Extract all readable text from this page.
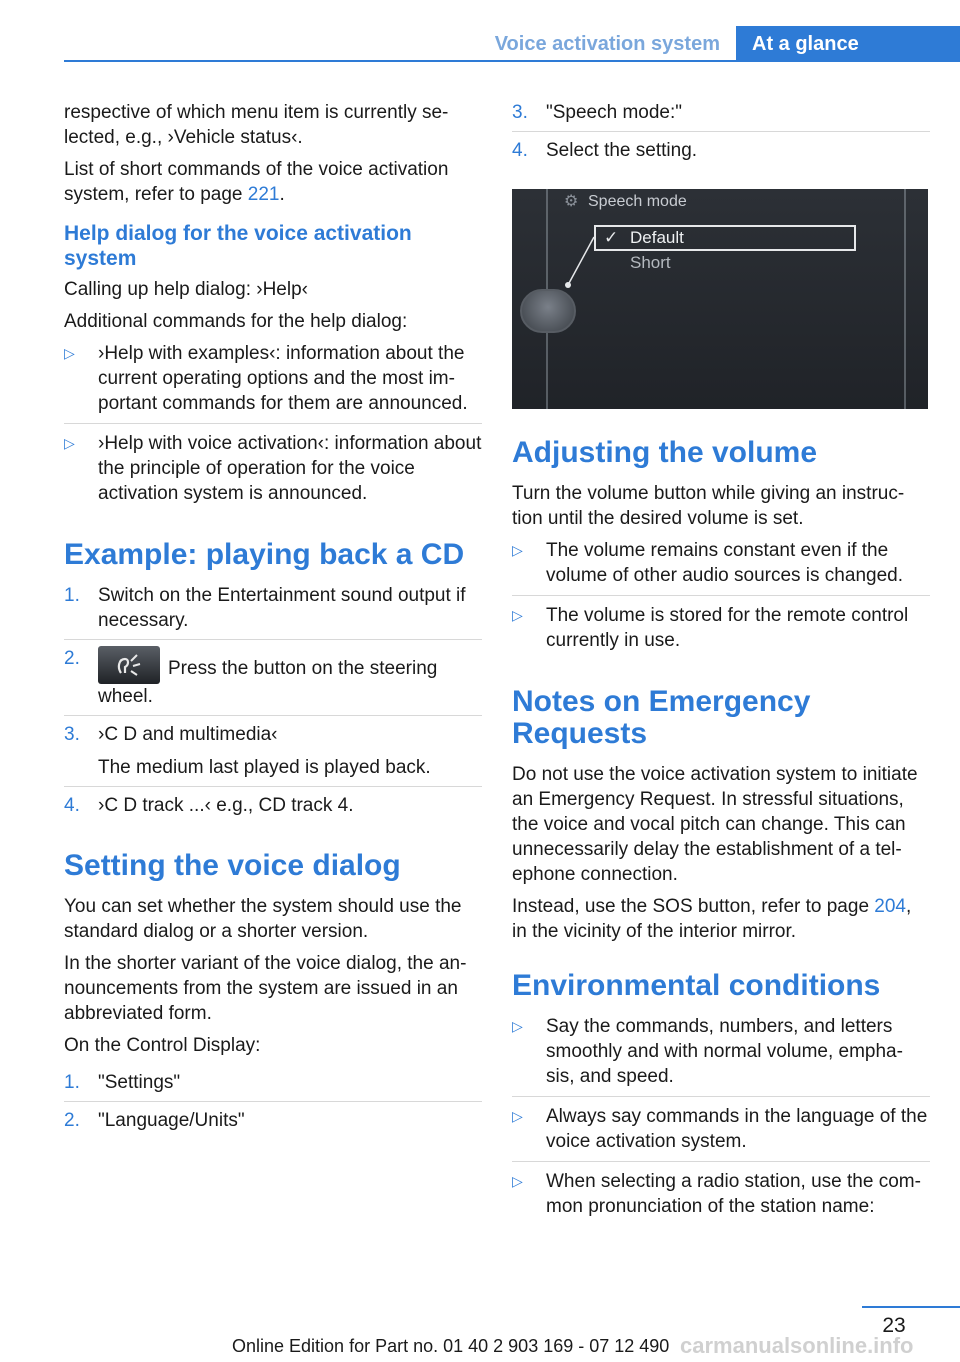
Voice activation system	At a glance

respective of which menu item is currently se- lected, e.g., ›Vehicle status‹.

List of short commands of the voice activation system, refer to page 221.

Help dialog for the voice activation system

Calling up help dialog: ›Help‹

Additional commands for the help dialog:

▷ ›Help with examples‹: information about the current operating options and the most im- portant commands for them are announced.
▷ ›Help with voice activation‹: information about the principle of operation for the voice activation system is announced.
Example: playing back a CD
1. Switch on the Entertainment sound output if necessary.
2.	Press the button on the steering wheel.
3. ›C D and multimedia‹
The medium last played is played back.
4. ›C D track ...‹ e.g., CD track 4.
Setting the voice dialog

You can set whether the system should use the standard dialog or a shorter version.

In the shorter variant of the voice dialog, the an- nouncements from the system are issued in an abbreviated form.

On the Control Display:

1. "Settings"
2. "Language/Units"
3. "Speech mode:"
4. Select the setting.
⚙ Speech mode
✓ Default
Short
Adjusting the volume

Turn the volume button while giving an instruc- tion until the desired volume is set.

▷ The volume remains constant even if the volume of other audio sources is changed.
▷ The volume is stored for the remote control currently in use.
Notes on Emergency Requests

Do not use the voice activation system to initiate an Emergency Request. In stressful situations, the voice and vocal pitch can change. This can unnecessarily delay the establishment of a tel- ephone connection.

Instead, use the SOS button, refer to page 204, in the vicinity of the interior mirror.

Environmental conditions
▷ Say the commands, numbers, and letters smoothly and with normal volume, empha- sis, and speed.
▷ Always say commands in the language of the voice activation system.
▷ When selecting a radio station, use the com- mon pronunciation of the station name:
23
Online Edition for Part no. 01 40 2 903 169 - 07 12 490 carmanualsonline.info
